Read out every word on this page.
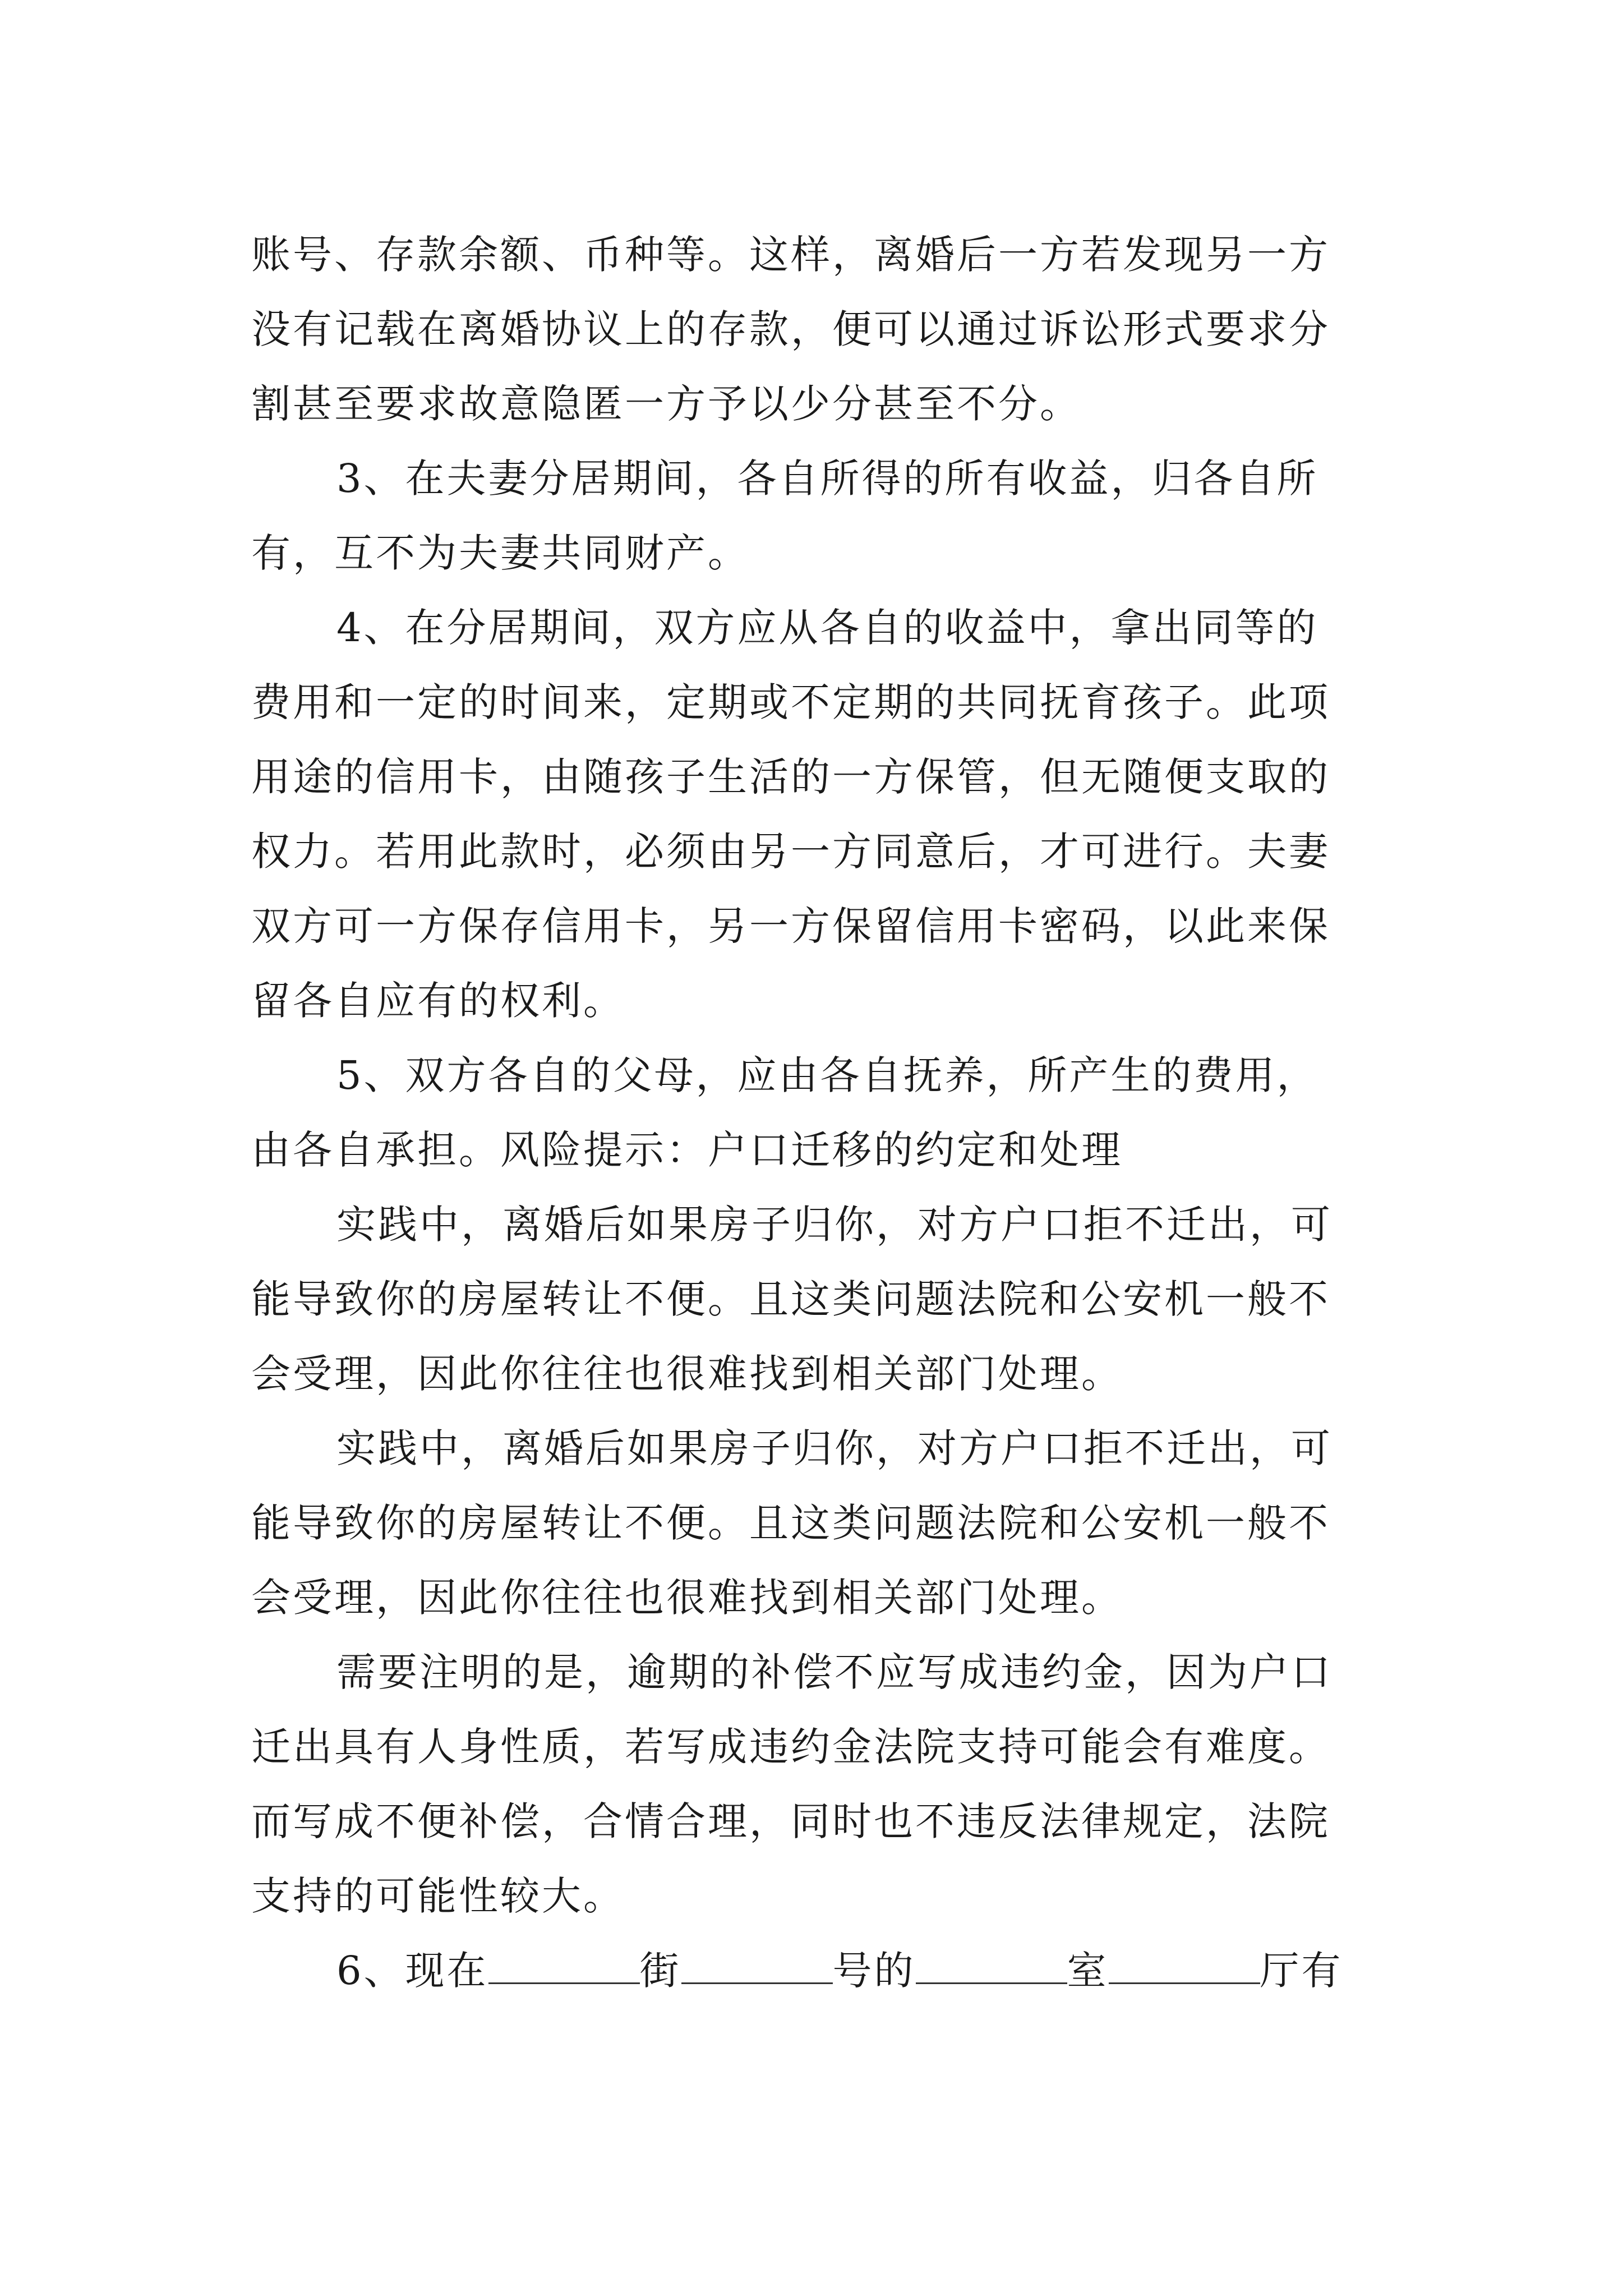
账号、存款余额、币种等。这样，离婚后一方若发现另一方
没有记载在离婚协议上的存款，便可以通过诉讼形式要求分
割甚至要求故意隐匿一方予以少分甚至不分。
3、在夫妻分居期间，各自所得的所有收益，归各自所
有，互不为夫妻共同财产。
4、在分居期间，双方应从各自的收益中，拿出同等的
费用和一定的时间来，定期或不定期的共同抚育孩子。此项
用途的信用卡，由随孩子生活的一方保管，但无随便支取的
权力。若用此款时，必须由另一方同意后，才可进行。夫妻
双方可一方保存信用卡，另一方保留信用卡密码，以此来保
留各自应有的权利。
5、双方各自的父母，应由各自抚养，所产生的费用，
由各自承担。风险提示：户口迁移的约定和处理
实践中，离婚后如果房子归你，对方户口拒不迁出，可
能导致你的房屋转让不便。且这类问题法院和公安机一般不
会受理，因此你往往也很难找到相关部门处理。
实践中，离婚后如果房子归你，对方户口拒不迁出，可
能导致你的房屋转让不便。且这类问题法院和公安机一般不
会受理，因此你往往也很难找到相关部门处理。
需要注明的是，逾期的补偿不应写成违约金，因为户口
迁出具有人身性质，若写成违约金法院支持可能会有难度。
而写成不便补偿，合情合理，同时也不违反法律规定，法院
支持的可能性较大。
6、现在	街	号的	室	厅有
